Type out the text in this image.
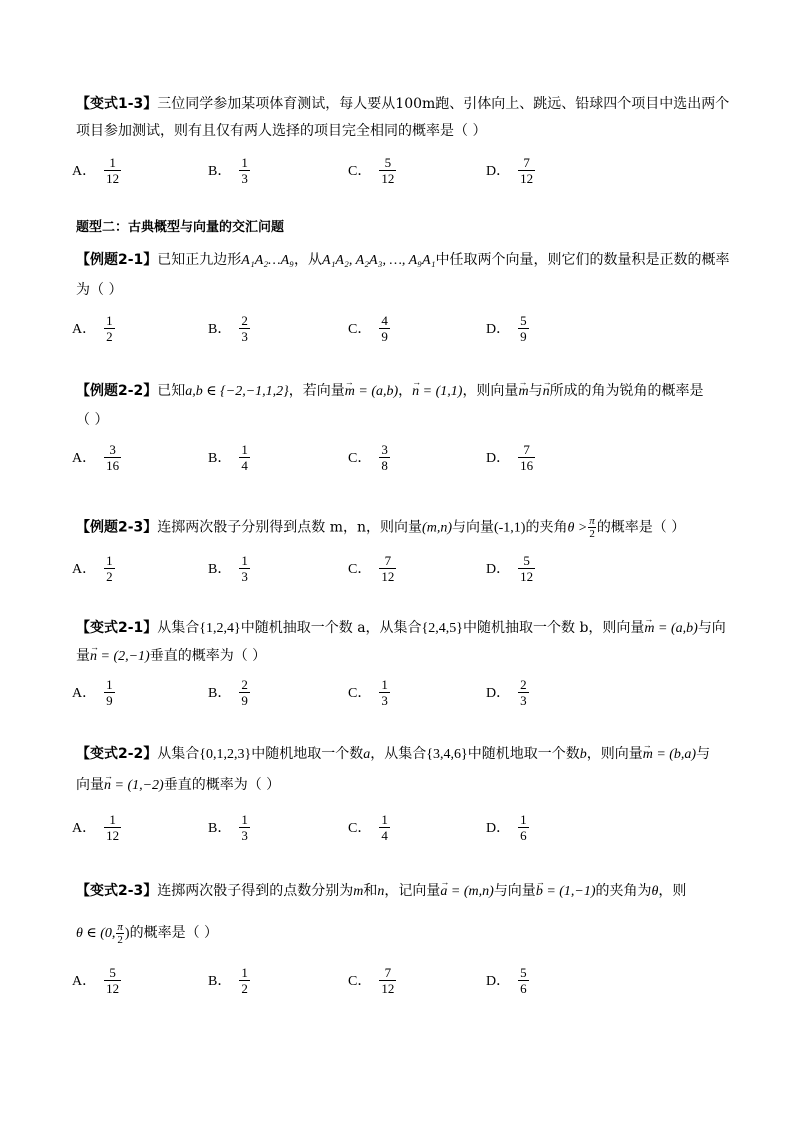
【变式1-3】三位同学参加某项体育测试，每人要从100m跑、引体向上、跳远、铅球四个项目中选出两个
项目参加测试，则有且仅有两人选择的项目完全相同的概率是（ ）
A． $\frac{1}{12}$	B． $\frac{1}{3}$	C． $\frac{5}{12}$	D． $\frac{7}{12}$
题型二：古典概型与向量的交汇问题
【例题2-1】已知正九边形A₁A₂…A₉，从A₁A₂, A₂A₃, …, A₉A₁中任取两个向量，则它们的数量积是正数的概率
为（ ）
A． $\frac{1}{2}$	B． $\frac{2}{3}$	C． $\frac{4}{9}$	D． $\frac{5}{9}$
【例题2-2】已知a,b ∈ {−2,−1,1,2}，若向量→ m = (a,b)，→ n = (1,1)，则向量→ m与→ n所成的角为锐角的概率是
（ ）
A． $\frac{3}{16}$	B． $\frac{1}{4}$	C． $\frac{3}{8}$	D． $\frac{7}{16}$
【例题2-3】连掷两次骰子分别得到点数 m，n，则向量(m,n)与向量(-1,1)的夹角$\theta > \frac{\pi}{2}$ 的概率是（ ）
A． $\frac{1}{2}$	B． $\frac{1}{3}$	C． $\frac{7}{12}$	D． $\frac{5}{12}$
【变式2-1】从集合{1,2,4}中随机抽取一个数 a，从集合{2,4,5}中随机抽取一个数 b，则向量→ m = (a,b)与向
量→ n = (2,−1)垂直的概率为（ ）
A． $\frac{1}{9}$	B． $\frac{2}{9}$	C． $\frac{1}{3}$	D． $\frac{2}{3}$
【变式2-2】从集合{0,1,2,3}中随机地取一个数a，从集合{3,4,6}中随机地取一个数b，则向量→ m = (b,a)与
向量→ n = (1,−2)垂直的概率为（ ）
A． $\frac{1}{12}$	B． $\frac{1}{3}$	C． $\frac{1}{4}$	D． $\frac{1}{6}$
【变式2-3】连掷两次骰子得到的点数分别为m和n，记向量→ a = (m,n)与向量→ b = (1,−1)的夹角为θ，则
θ ∈ (0, $\frac{\pi}{2}$ )的概率是（ ）
A． $\frac{5}{12}$	B． $\frac{1}{2}$	C． $\frac{7}{12}$	D． $\frac{5}{6}$
